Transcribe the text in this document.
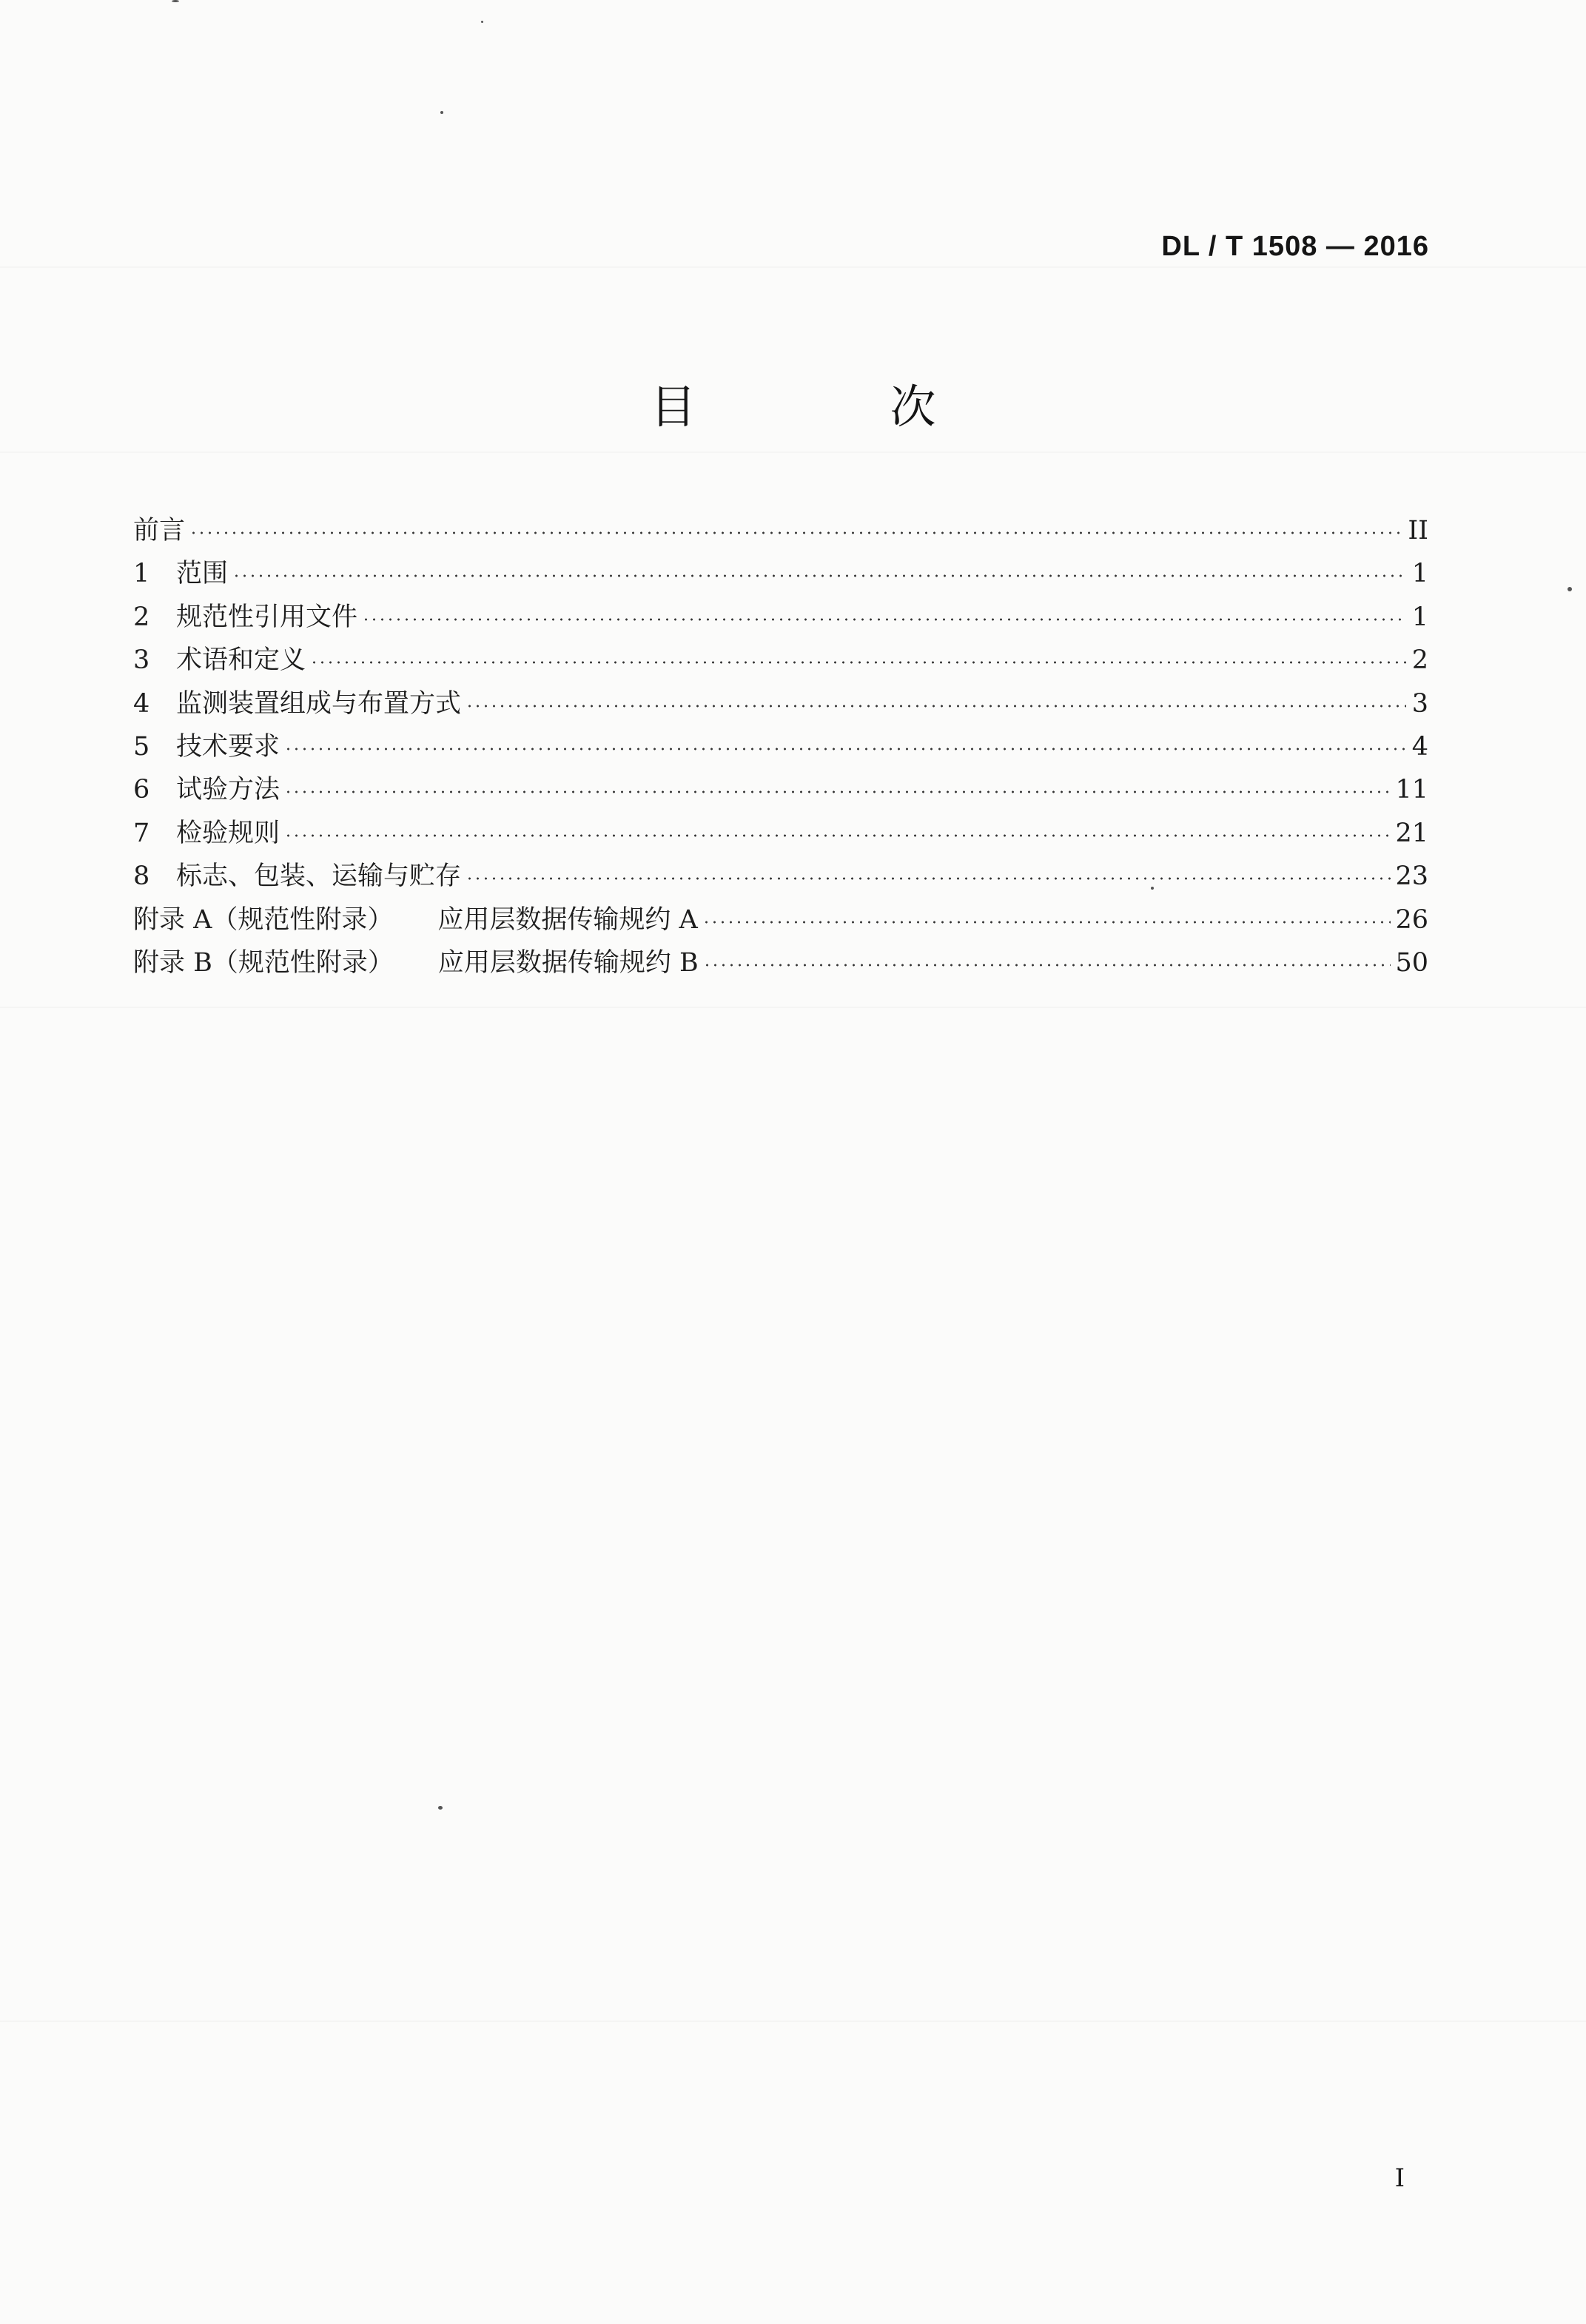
DL / T 1508 — 2016
目　次
前言	II
1	范围	1
2	规范性引用文件	1
3	术语和定义	2
4	监测装置组成与布置方式	3
5	技术要求	4
6	试验方法	11
7	检验规则	21
8	标志、包装、运输与贮存	23
附录 A（规范性附录） 应用层数据传输规约 A	26
附录 B（规范性附录） 应用层数据传输规约 B	50
I
